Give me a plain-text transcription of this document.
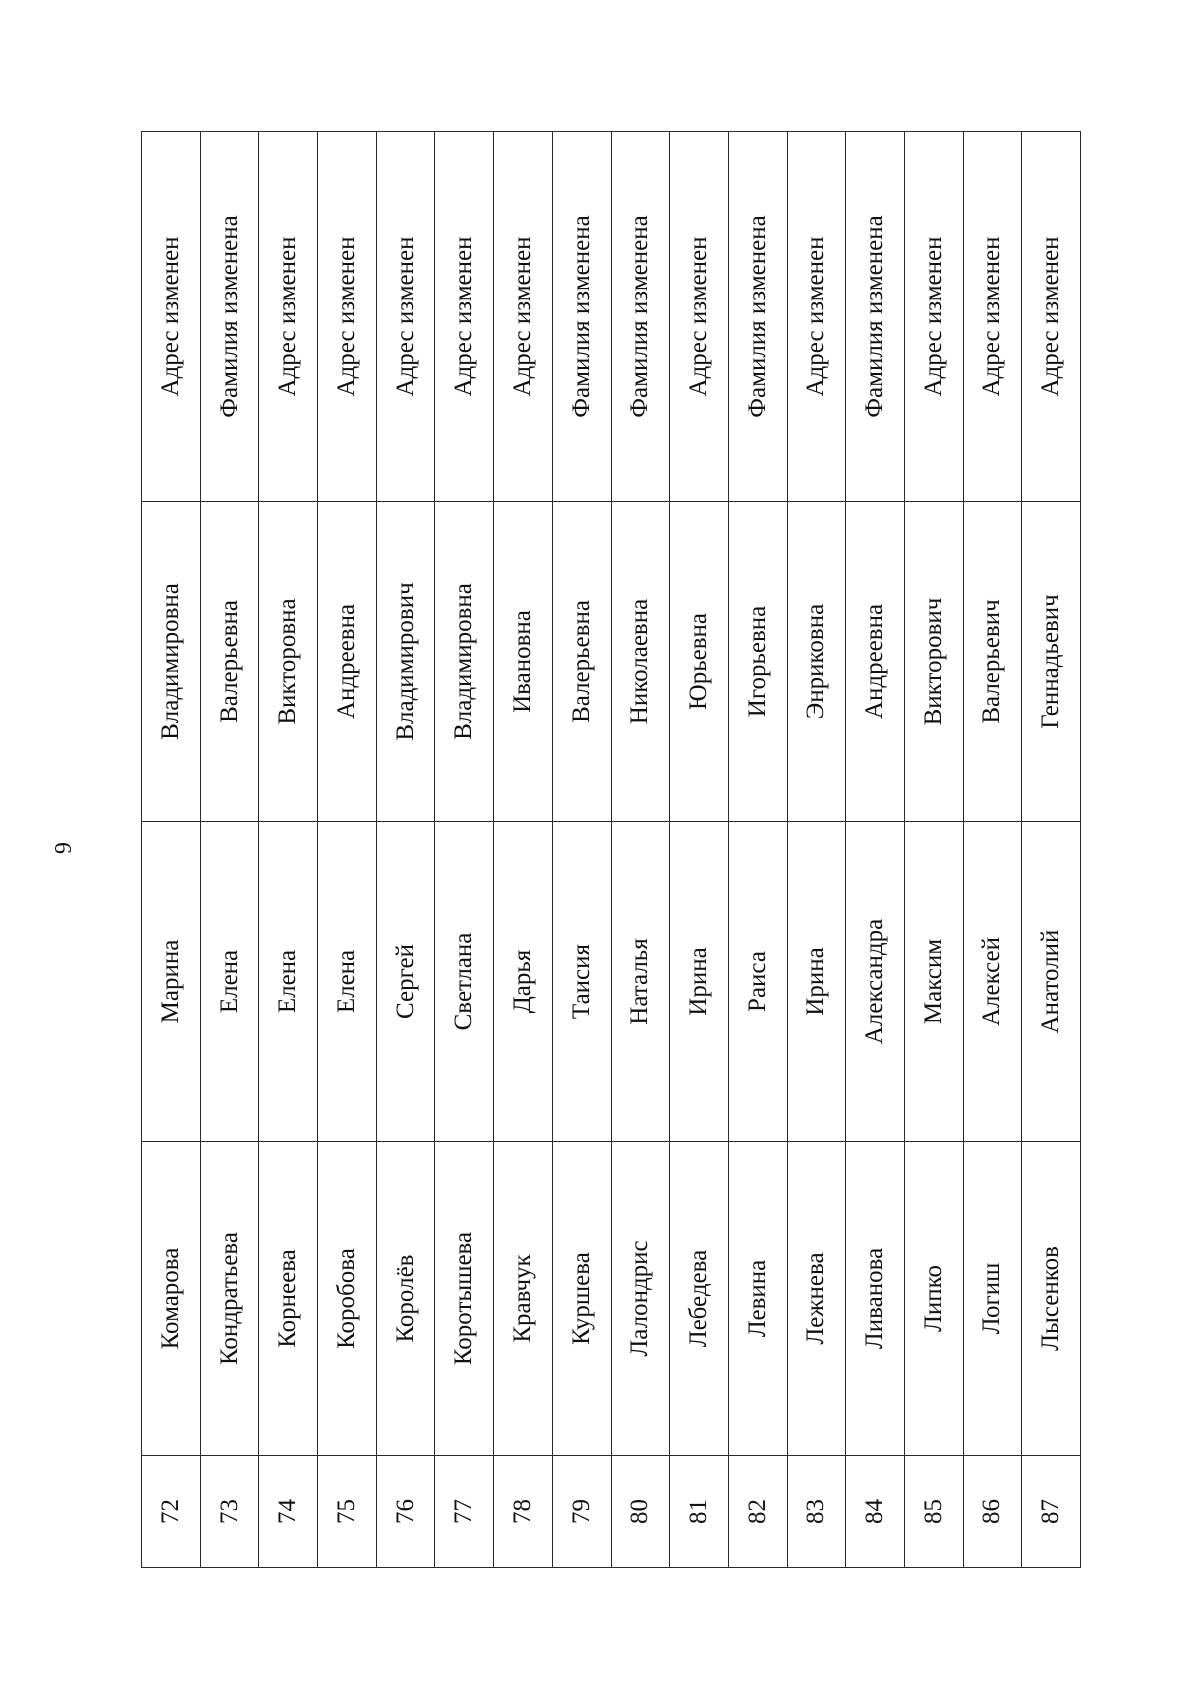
6
72	Комарова	Марина	Владимировна	Адрес изменен
73	Кондратьева	Елена	Валерьевна	Фамилия изменена
74	Корнеева	Елена	Викторовна	Адрес изменен
75	Коробова	Елена	Андреевна	Адрес изменен
76	Королёв	Сергей	Владимирович	Адрес изменен
77	Коротышева	Светлана	Владимировна	Адрес изменен
78	Кравчук	Дарья	Ивановна	Адрес изменен
79	Куршева	Таисия	Валерьевна	Фамилия изменена
80	Лалондрис	Наталья	Николаевна	Фамилия изменена
81	Лебедева	Ирина	Юрьевна	Адрес изменен
82	Левина	Раиса	Игорьевна	Фамилия изменена
83	Лежнева	Ирина	Энриковна	Адрес изменен
84	Ливанова	Александра	Андреевна	Фамилия изменена
85	Липко	Максим	Викторович	Адрес изменен
86	Логиш	Алексей	Валерьевич	Адрес изменен
87	Лысенков	Анатолий	Геннадьевич	Адрес изменен
